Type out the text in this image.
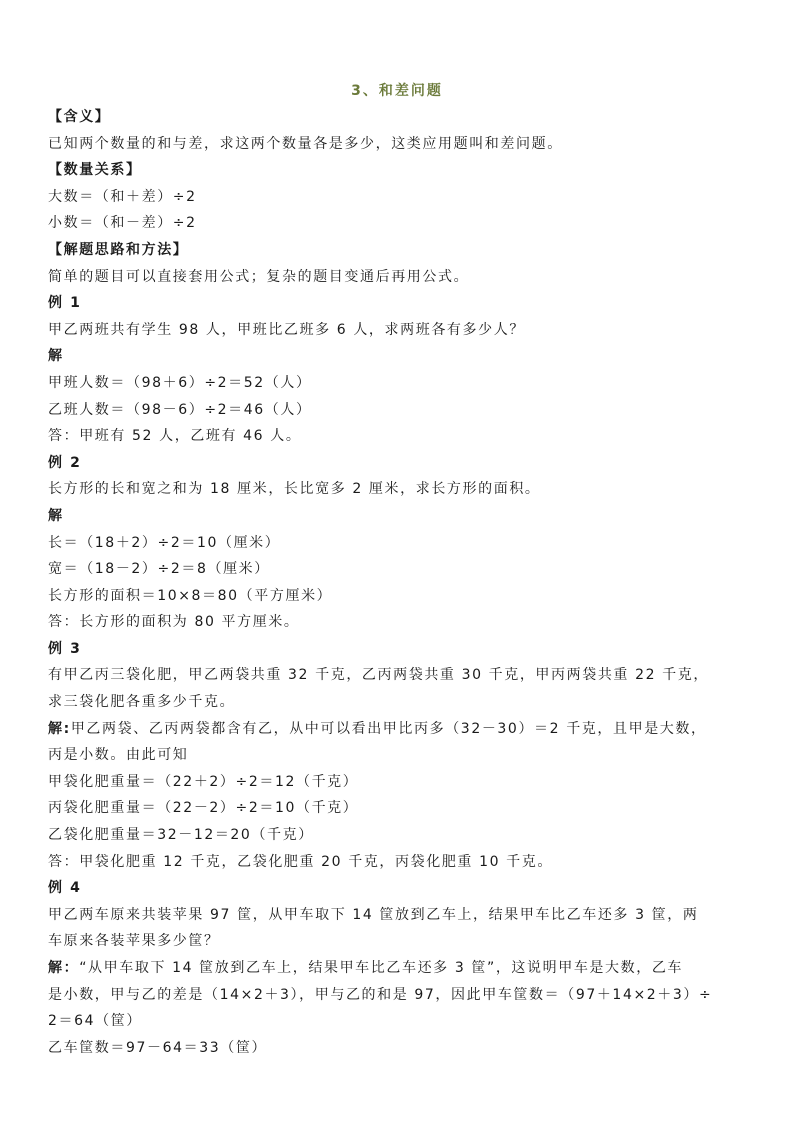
3、和差问题
【含义】
已知两个数量的和与差，求这两个数量各是多少，这类应用题叫和差问题。
【数量关系】
大数＝（和＋差）÷2
小数＝（和－差）÷2
【解题思路和方法】
简单的题目可以直接套用公式；复杂的题目变通后再用公式。
例 1
甲乙两班共有学生 98 人，甲班比乙班多 6 人，求两班各有多少人？
解
甲班人数＝（98＋6）÷2＝52（人）
乙班人数＝（98－6）÷2＝46（人）
答：甲班有 52 人，乙班有 46 人。
例 2
长方形的长和宽之和为 18 厘米，长比宽多 2 厘米，求长方形的面积。
解
长＝（18＋2）÷2＝10（厘米）
宽＝（18－2）÷2＝8（厘米）
长方形的面积＝10×8＝80（平方厘米）
答：长方形的面积为 80 平方厘米。
例 3
有甲乙丙三袋化肥，甲乙两袋共重 32 千克，乙丙两袋共重 30 千克，甲丙两袋共重 22 千克，
求三袋化肥各重多少千克。
解:甲乙两袋、乙丙两袋都含有乙，从中可以看出甲比丙多（32－30）＝2 千克，且甲是大数，
丙是小数。由此可知
甲袋化肥重量＝（22＋2）÷2＝12（千克）
丙袋化肥重量＝（22－2）÷2＝10（千克）
乙袋化肥重量＝32－12＝20（千克）
答：甲袋化肥重 12 千克，乙袋化肥重 20 千克，丙袋化肥重 10 千克。
例 4
甲乙两车原来共装苹果 97 筐，从甲车取下 14 筐放到乙车上，结果甲车比乙车还多 3 筐，两
车原来各装苹果多少筐？
解：“从甲车取下 14 筐放到乙车上，结果甲车比乙车还多 3 筐”，这说明甲车是大数，乙车
是小数，甲与乙的差是（14×2＋3），甲与乙的和是 97，因此甲车筐数＝（97＋14×2＋3）÷
2＝64（筐）
乙车筐数＝97－64＝33（筐）
